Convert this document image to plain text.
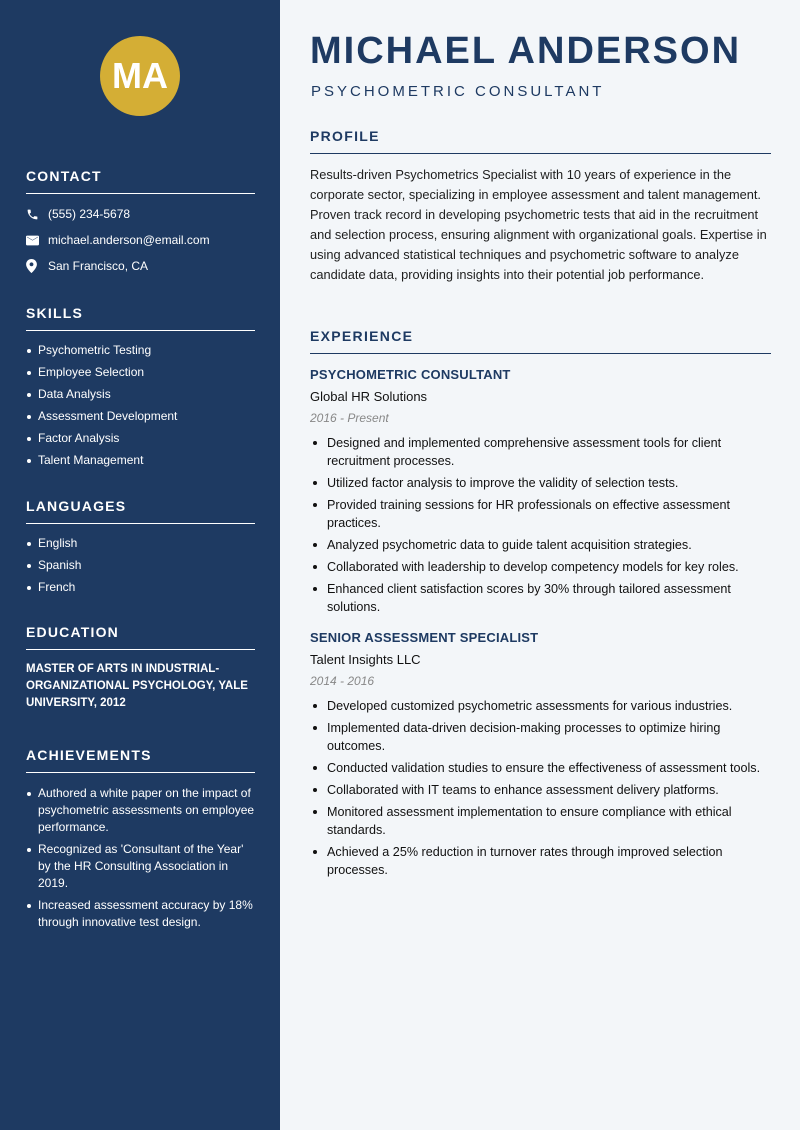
MA
CONTACT
(555) 234-5678
michael.anderson@email.com
San Francisco, CA
SKILLS
Psychometric Testing
Employee Selection
Data Analysis
Assessment Development
Factor Analysis
Talent Management
LANGUAGES
English
Spanish
French
EDUCATION
MASTER OF ARTS IN INDUSTRIAL-ORGANIZATIONAL PSYCHOLOGY, YALE UNIVERSITY, 2012
ACHIEVEMENTS
Authored a white paper on the impact of psychometric assessments on employee performance.
Recognized as 'Consultant of the Year' by the HR Consulting Association in 2019.
Increased assessment accuracy by 18% through innovative test design.
MICHAEL ANDERSON
PSYCHOMETRIC CONSULTANT
PROFILE
Results-driven Psychometrics Specialist with 10 years of experience in the corporate sector, specializing in employee assessment and talent management. Proven track record in developing psychometric tests that aid in the recruitment and selection process, ensuring alignment with organizational goals. Expertise in using advanced statistical techniques and psychometric software to analyze candidate data, providing insights into their potential job performance.
EXPERIENCE
PSYCHOMETRIC CONSULTANT
Global HR Solutions
2016 - Present
Designed and implemented comprehensive assessment tools for client recruitment processes.
Utilized factor analysis to improve the validity of selection tests.
Provided training sessions for HR professionals on effective assessment practices.
Analyzed psychometric data to guide talent acquisition strategies.
Collaborated with leadership to develop competency models for key roles.
Enhanced client satisfaction scores by 30% through tailored assessment solutions.
SENIOR ASSESSMENT SPECIALIST
Talent Insights LLC
2014 - 2016
Developed customized psychometric assessments for various industries.
Implemented data-driven decision-making processes to optimize hiring outcomes.
Conducted validation studies to ensure the effectiveness of assessment tools.
Collaborated with IT teams to enhance assessment delivery platforms.
Monitored assessment implementation to ensure compliance with ethical standards.
Achieved a 25% reduction in turnover rates through improved selection processes.
